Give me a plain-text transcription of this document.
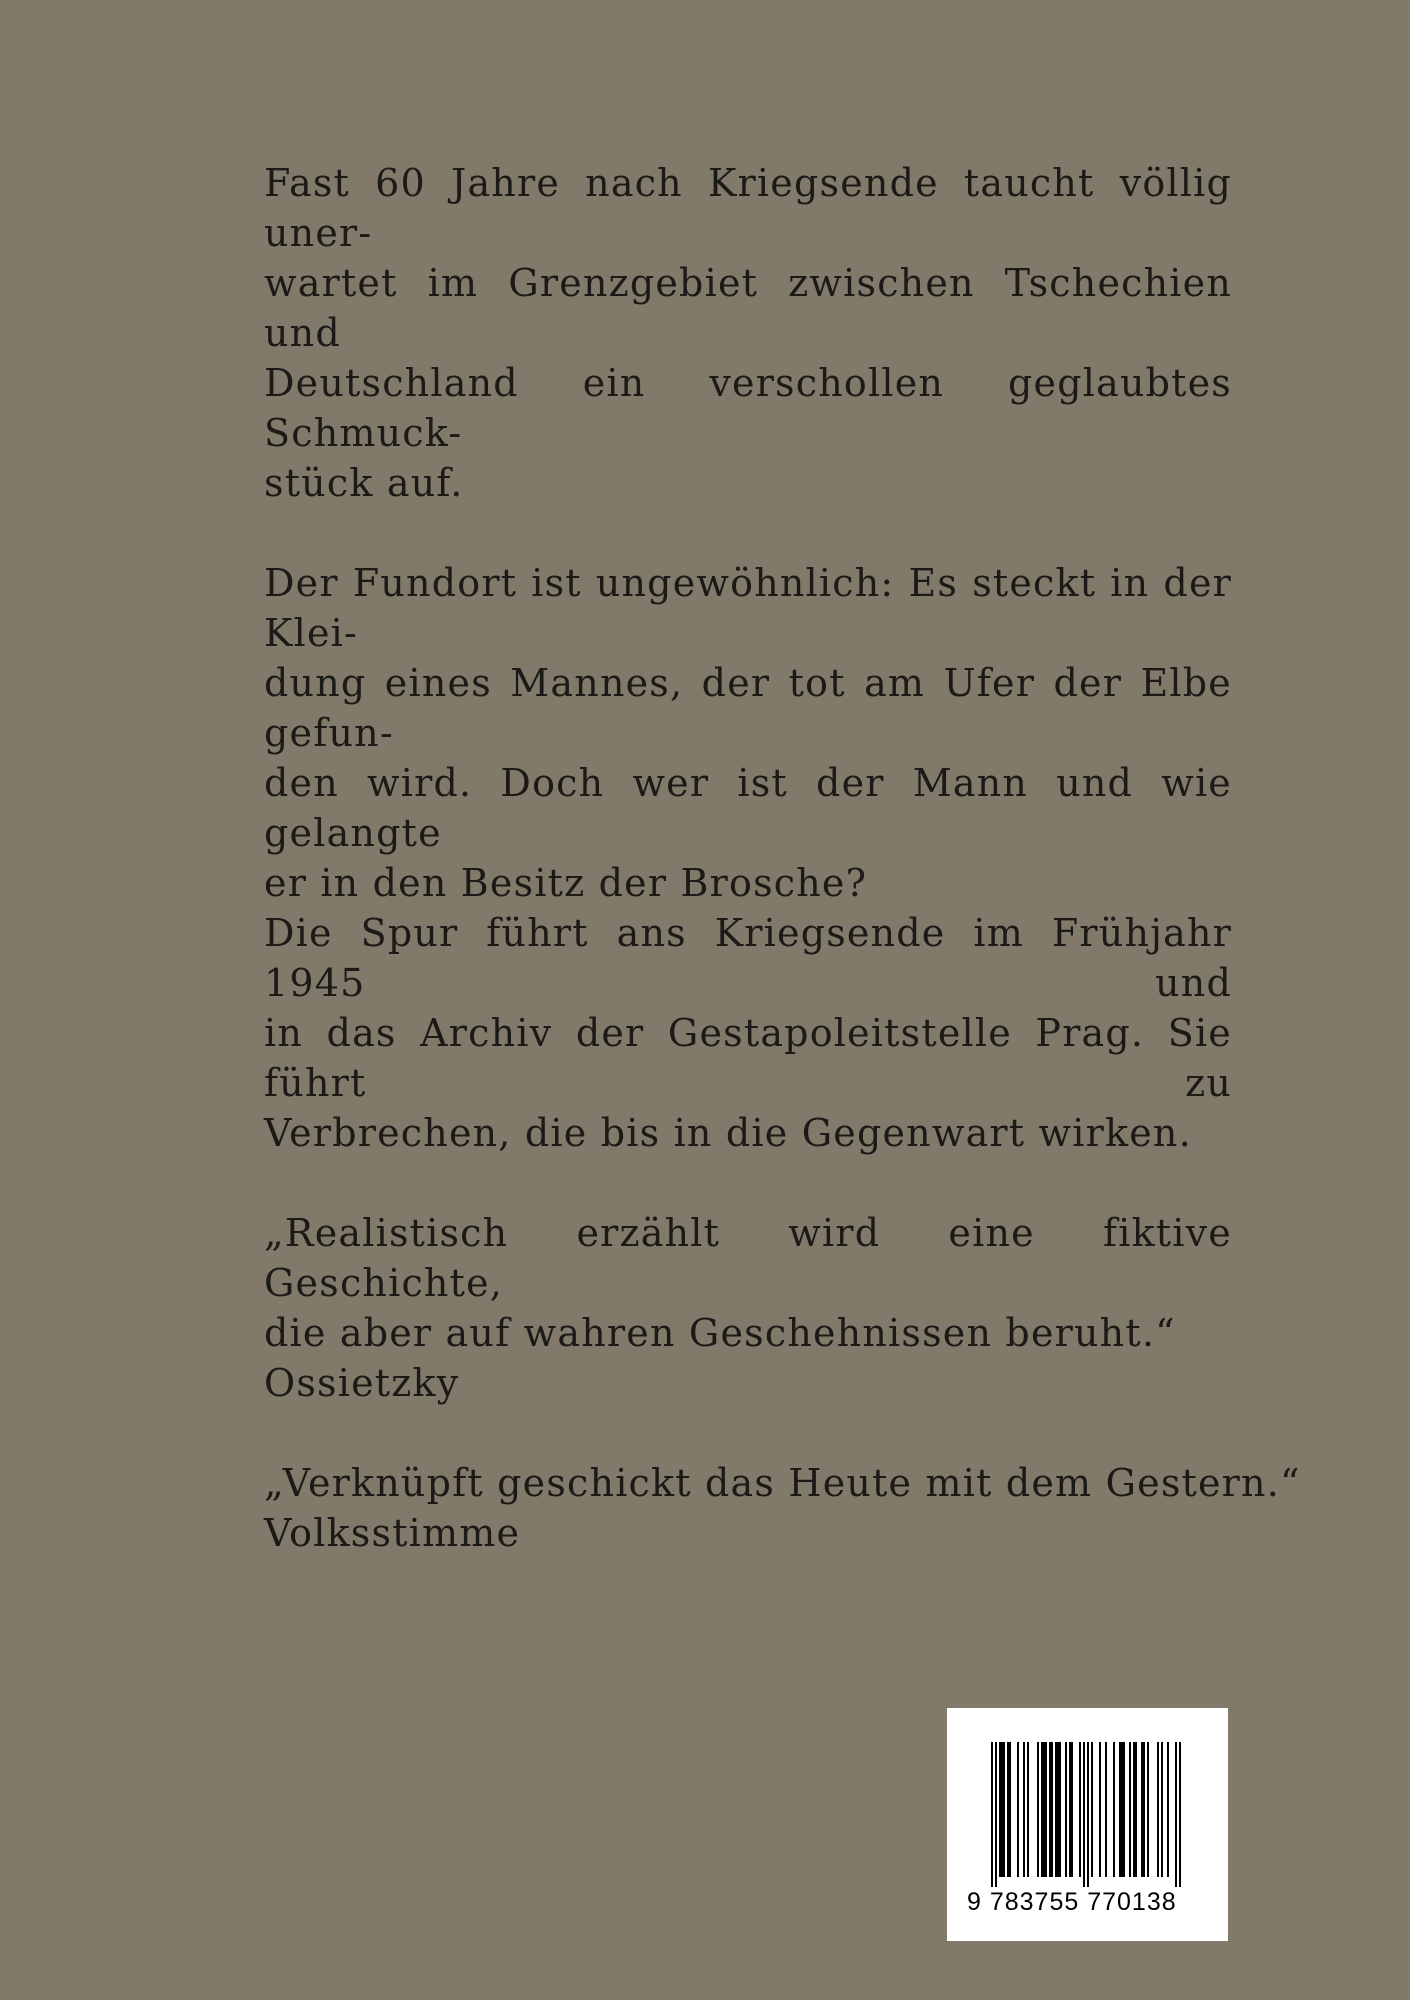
Fast 60 Jahre nach Kriegsende taucht völlig uner-
wartet im Grenzgebiet zwischen Tschechien und
Deutschland ein verschollen geglaubtes Schmuck-
stück auf.
Der Fundort ist ungewöhnlich: Es steckt in der Klei-
dung eines Mannes, der tot am Ufer der Elbe gefun-
den wird. Doch wer ist der Mann und wie gelangte
er in den Besitz der Brosche?
Die Spur führt ans Kriegsende im Frühjahr 1945 und
in das Archiv der Gestapoleitstelle Prag. Sie führt zu
Verbrechen, die bis in die Gegenwart wirken.
„Realistisch erzählt wird eine fiktive Geschichte,
die aber auf wahren Geschehnissen beruht.“
Ossietzky
„Verknüpft geschickt das Heute mit dem Gestern.“
Volksstimme
9 783755 770138
